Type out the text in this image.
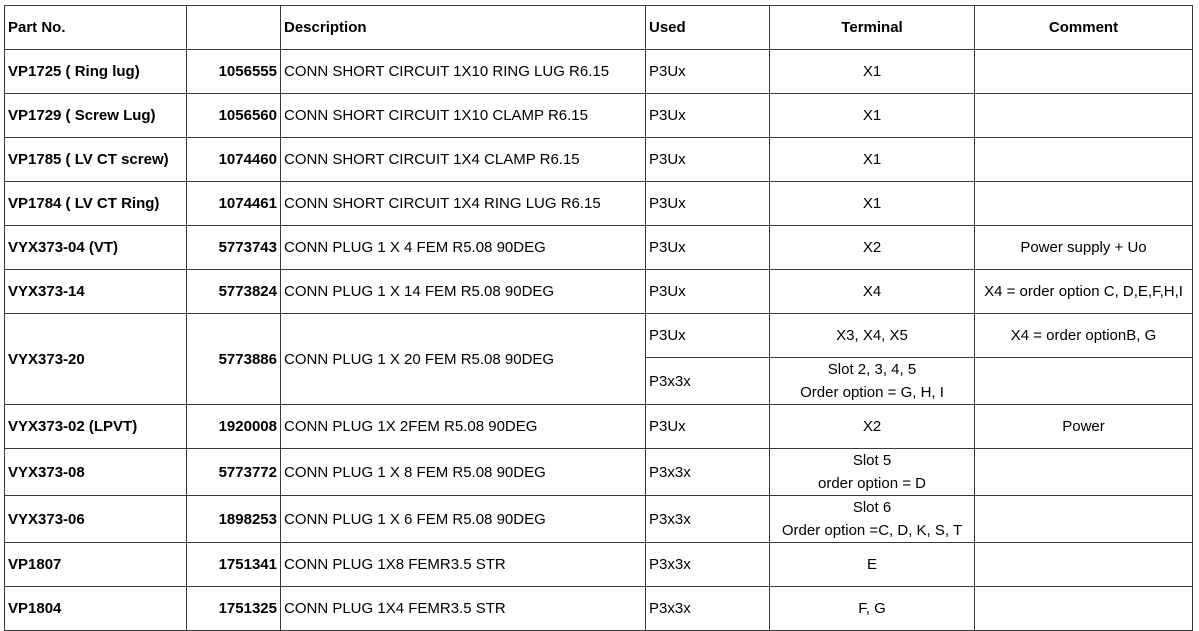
Part No.		Description	Used	Terminal	Comment
VP1725 ( Ring lug)	1056555	CONN SHORT CIRCUIT 1X10 RING LUG R6.15	P3Ux	X1	
VP1729 ( Screw Lug)	1056560	CONN SHORT CIRCUIT 1X10 CLAMP R6.15	P3Ux	X1	
VP1785 ( LV CT screw)	1074460	CONN SHORT CIRCUIT 1X4 CLAMP R6.15	P3Ux	X1	
VP1784 ( LV CT Ring)	1074461	CONN SHORT CIRCUIT 1X4 RING LUG R6.15	P3Ux	X1	
VYX373-04 (VT)	5773743	CONN PLUG 1 X 4 FEM R5.08 90DEG	P3Ux	X2	Power supply + Uo
VYX373-14	5773824	CONN PLUG 1 X 14 FEM R5.08 90DEG	P3Ux	X4	X4 = order option C, D,E,F,H,I
VYX373-20	5773886	CONN PLUG 1 X 20 FEM R5.08 90DEG	P3Ux	X3, X4, X5	X4 = order optionB, G
			P3x3x	Slot 2, 3, 4, 5
Order option = G, H, I	

VYX373-02 (LPVT)	1920008	CONN PLUG 1X 2FEM R5.08 90DEG	P3Ux	X2	Power
VYX373-08	5773772	CONN PLUG 1 X 8 FEM R5.08 90DEG	P3x3x	Slot 5
order option = D	

VYX373-06	1898253	CONN PLUG 1 X 6 FEM R5.08 90DEG	P3x3x	Slot 6
Order option =C, D, K, S, T	

VP1807	1751341	CONN PLUG 1X8 FEMR3.5 STR	P3x3x	E	
VP1804	1751325	CONN PLUG 1X4 FEMR3.5 STR	P3x3x	F, G	
